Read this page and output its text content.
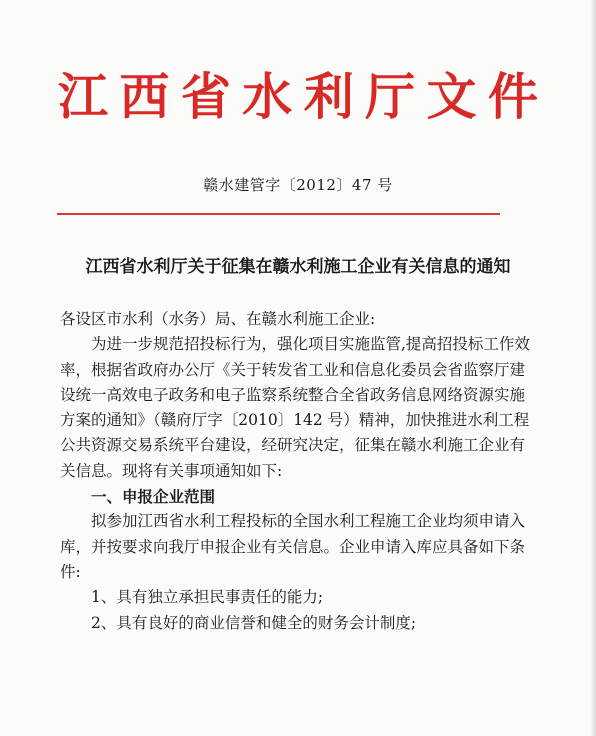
江 西 省 水 利 厅 文 件
赣水建管字〔2012〕47 号
江西省水利厅关于征集在赣水利施工企业有关信息的通知

各设区市水利（水务）局、在赣水利施工企业:

为进一步规范招投标行为，强化项目实施监管,提高招投标工作效率，根据省政府办公厅《关于转发省工业和信息化委员会省监察厅建设统一高效电子政务和电子监察系统整合全省政务信息网络资源实施方案的通知》（赣府厅字〔2010〕142 号）精神，加快推进水利工程公共资源交易系统平台建设，经研究决定，征集在赣水利施工企业有关信息。现将有关事项通知如下:

一、申报企业范围

拟参加江西省水利工程投标的全国水利工程施工企业均须申请入库，并按要求向我厅申报企业有关信息。企业申请入库应具备如下条件:

1、具有独立承担民事责任的能力;

2、具有良好的商业信誉和健全的财务会计制度;
